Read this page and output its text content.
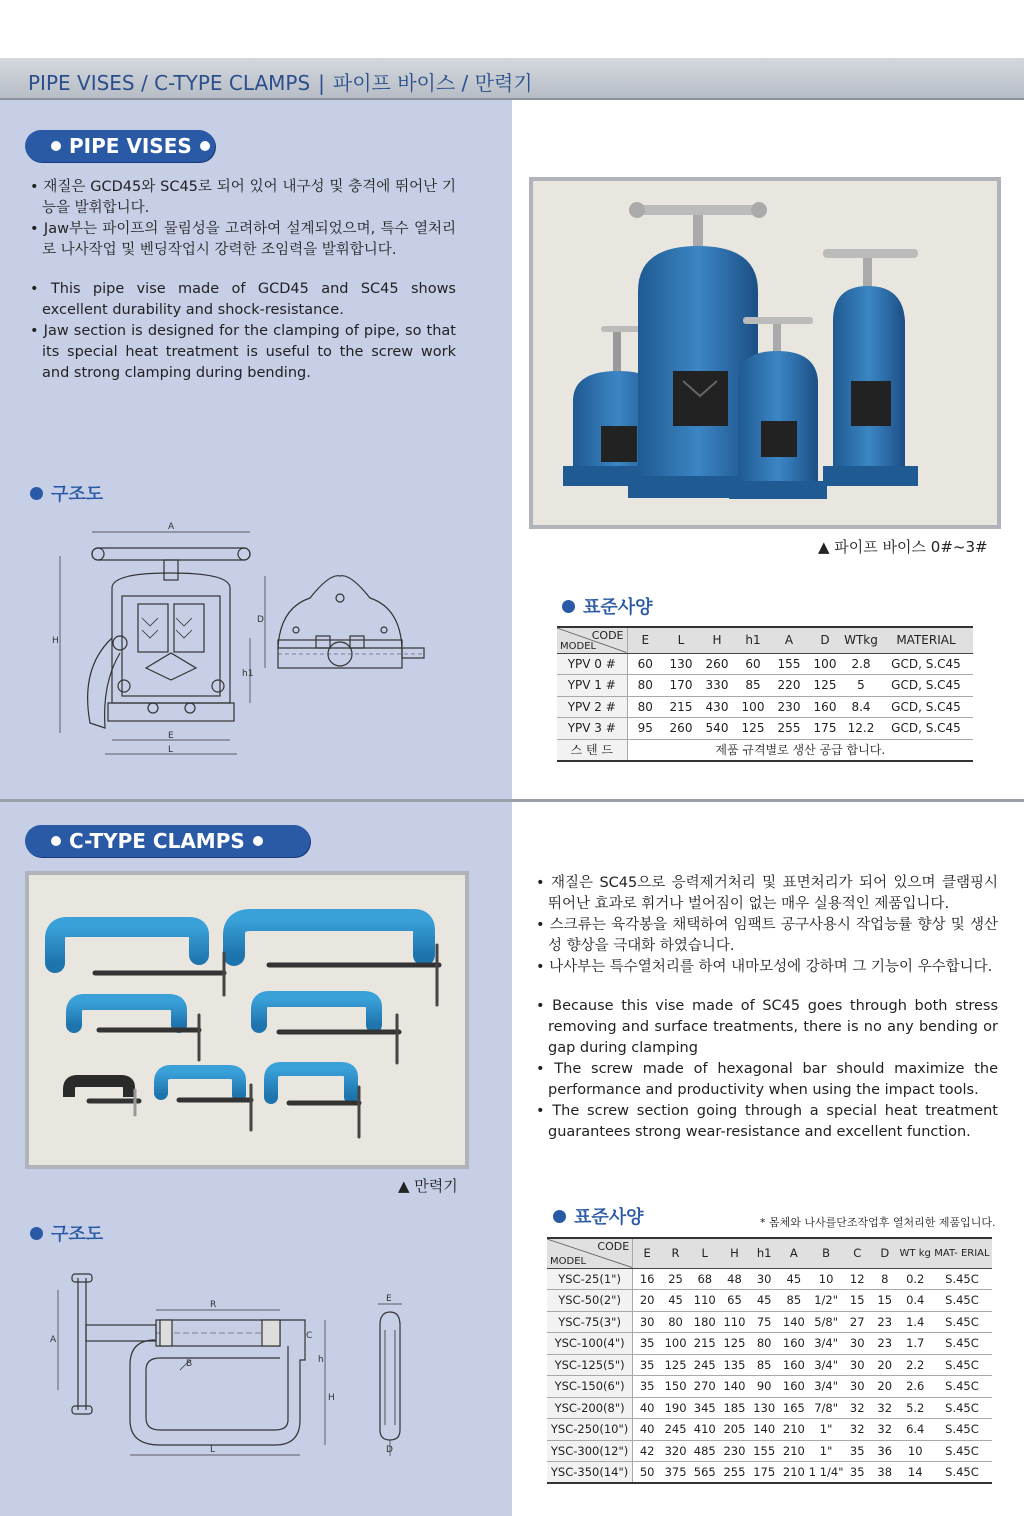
PIPE VISES / C-TYPE CLAMPS | 파이프 바이스 / 만력기
PIPE VISES

• 재질은 GCD45와 SC45로 되어 있어 내구성 및 충격에 뛰어난 기능을 발휘합니다.

• Jaw부는 파이프의 물림성을 고려하여 설계되었으며, 특수 열처리로 나사작업 및 벤딩작업시 강력한 조임력을 발휘합니다.

• This pipe vise made of GCD45 and SC45 shows excellent durability and shock-resistance.

• Jaw section is designed for the clamping of pipe, so that its special heat treatment is useful to the screw work and strong clamping during bending.

구조도
A
H
E
L
h1
D
▲ 파이프 바이스 0#~3#
표준사양
CODE
MODEL	E	L	H	h1	A	D	WTkg	MATERIAL
YPV 0 #	60	130	260	60	155	100	2.8	GCD, S.C45
YPV 1 #	80	170	330	85	220	125	5	GCD, S.C45
YPV 2 #	80	215	430	100	230	160	8.4	GCD, S.C45
YPV 3 #	95	260	540	125	255	175	12.2	GCD, S.C45
스 텐 드	제품 규격별로 생산 공급 합니다.							
C-TYPE CLAMPS
▲ 만력기
구조도
R
B
A	C
h
H
L
E
D

• 재질은 SC45으로 응력제거처리 및 표면처리가 되어 있으며 클램핑시 뛰어난 효과로 휘거나 벌어짐이 없는 매우 실용적인 제품입니다.

• 스크류는 육각봉을 채택하여 임팩트 공구사용시 작업능률 향상 및 생산성 향상을 극대화 하였습니다.

• 나사부는 특수열처리를 하여 내마모성에 강하며 그 기능이 우수합니다.

• Because this vise made of SC45 goes through both stress removing and surface treatments, there is no any bending or gap during clamping

• The screw made of hexagonal bar should maximize the performance and productivity when using the impact tools.

• The screw section going through a special heat treatment guarantees strong wear-resistance and excellent function.

표준사양	* 몸체와 나사를단조작업후 열처리한 제품입니다.
CODE
MODEL	E	R	L	H	h1	A	B	C	D	WT kg	MAT- ERIAL
YSC-25(1")	16	25	68	48	30	45	10	12	8	0.2	S.45C
YSC-50(2")	20	45	110	65	45	85	1/2"	15	15	0.4	S.45C
YSC-75(3")	30	80	180	110	75	140	5/8"	27	23	1.4	S.45C
YSC-100(4")	35	100	215	125	80	160	3/4"	30	23	1.7	S.45C
YSC-125(5")	35	125	245	135	85	160	3/4"	30	20	2.2	S.45C
YSC-150(6")	35	150	270	140	90	160	3/4"	30	20	2.6	S.45C
YSC-200(8")	40	190	345	185	130	165	7/8"	32	32	5.2	S.45C
YSC-250(10")	40	245	410	205	140	210	1"	32	32	6.4	S.45C
YSC-300(12")	42	320	485	230	155	210	1"	35	36	10	S.45C
YSC-350(14")	50	375	565	255	175	210	1 1/4"	35	38	14	S.45C
